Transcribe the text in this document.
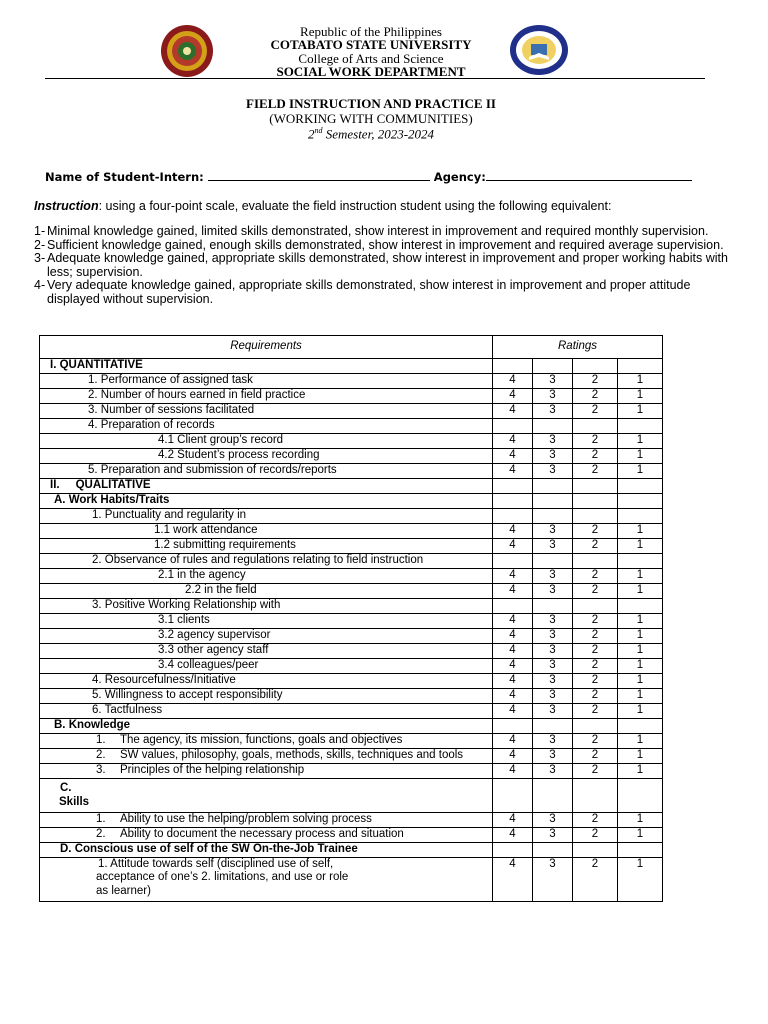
Republic of the Philippines
COTABATO STATE UNIVERSITY
College of Arts and Science
SOCIAL WORK DEPARTMENT
FIELD INSTRUCTION AND PRACTICE II
(WORKING WITH COMMUNITIES)
2nd Semester, 2023-2024
Name of Student-Intern:	Agency:
Instruction: using a four-point scale, evaluate the field instruction student using the following equivalent:
1- Minimal knowledge gained, limited skills demonstrated, show interest in improvement and required monthly supervision.
2- Sufficient knowledge gained, enough skills demonstrated, show interest in improvement and required average supervision.
3- Adequate knowledge gained, appropriate skills demonstrated, show interest in improvement and proper working habits with less; supervision.
4- Very adequate knowledge gained, appropriate skills demonstrated, show interest in improvement and proper attitude displayed without supervision.
Requirements	Ratings			
I. QUANTITATIVE				
1. Performance of assigned task	4	3	2	1
2. Number of hours earned in field practice	4	3	2	1
3. Number of sessions facilitated	4	3	2	1
4. Preparation of records				
4.1 Client group’s record	4	3	2	1
4.2 Student’s process recording	4	3	2	1
5. Preparation and submission of records/reports	4	3	2	1
II. QUALITATIVE				
A. Work Habits/Traits				
1. Punctuality and regularity in				
1.1 work attendance	4	3	2	1
1.2 submitting requirements	4	3	2	1
2. Observance of rules and regulations relating to field instruction				
2.1 in the agency	4	3	2	1
2.2 in the field	4	3	2	1
3. Positive Working Relationship with				
3.1 clients	4	3	2	1
3.2 agency supervisor	4	3	2	1
3.3 other agency staff	4	3	2	1
3.4 colleagues/peer	4	3	2	1
4. Resourcefulness/Initiative	4	3	2	1
5. Willingness to accept responsibility	4	3	2	1
6. Tactfulness	4	3	2	1
B. Knowledge				

1. The agency, its mission, functions, goals and objectives	4	3	2	1

2. SW values, philosophy, goals, methods, skills, techniques and tools	4	3	2	1

3. Principles of the helping relationship	4	3	2	1

C.
Skills				

1. Ability to use the helping/problem solving process	4	3	2	1

2. Ability to document the necessary process and situation	4	3	2	1
D. Conscious use of self of the SW On-the-Job Trainee				

1. Attitude towards self (disciplined use of self,
acceptance of one’s 2. limitations, and use or role
as learner)	4	3	2	1
